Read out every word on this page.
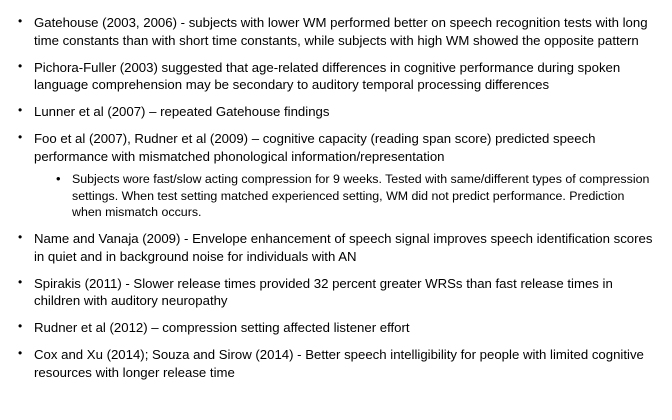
• Gatehouse (2003, 2006) - subjects with lower WM performed better on speech recognition tests with long time constants than with short time constants, while subjects with high WM showed the opposite pattern
• Pichora-Fuller (2003) suggested that age-related differences in cognitive performance during spoken language comprehension may be secondary to auditory temporal processing differences
• Lunner et al (2007) – repeated Gatehouse findings
• Foo et al (2007), Rudner et al (2009) – cognitive capacity (reading span score) predicted speech performance with mismatched phonological information/representation
• Subjects wore fast/slow acting compression for 9 weeks. Tested with same/different types of compression settings. When test setting matched experienced setting, WM did not predict performance. Prediction when mismatch occurs.
• Name and Vanaja (2009) - Envelope enhancement of speech signal improves speech identification scores in quiet and in background noise for individuals with AN
• Spirakis (2011) - Slower release times provided 32 percent greater WRSs than fast release times in children with auditory neuropathy
• Rudner et al (2012) – compression setting affected listener effort
• Cox and Xu (2014); Souza and Sirow (2014) - Better speech intelligibility for people with limited cognitive resources with longer release time
